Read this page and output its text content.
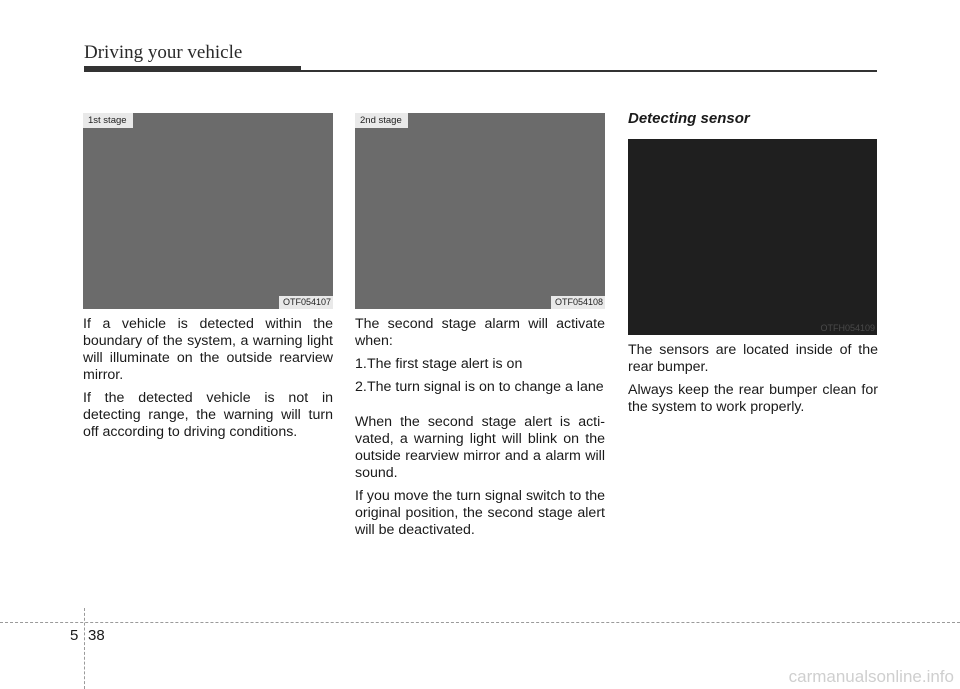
Driving your vehicle
1st stage
OTF054107
2nd stage
OTF054108
OTFH054109

If a vehicle is detected within the boundary of the system, a warning light will illuminate on the outside rearview mirror.

If the detected vehicle is not in detecting range, the warning will turn off according to driving conditions.

The second stage alarm will activate when:

1. The first stage alert is on
2. The turn signal is on to change a lane

When the second stage alert is acti-vated, a warning light will blink on the outside rearview mirror and a alarm will sound.

If you move the turn signal switch to the original position, the second stage alert will be deactivated.

Detecting sensor

The sensors are located inside of the rear bumper.

Always keep the rear bumper clean for the system to work properly.

5 38
carmanualsonline.info
